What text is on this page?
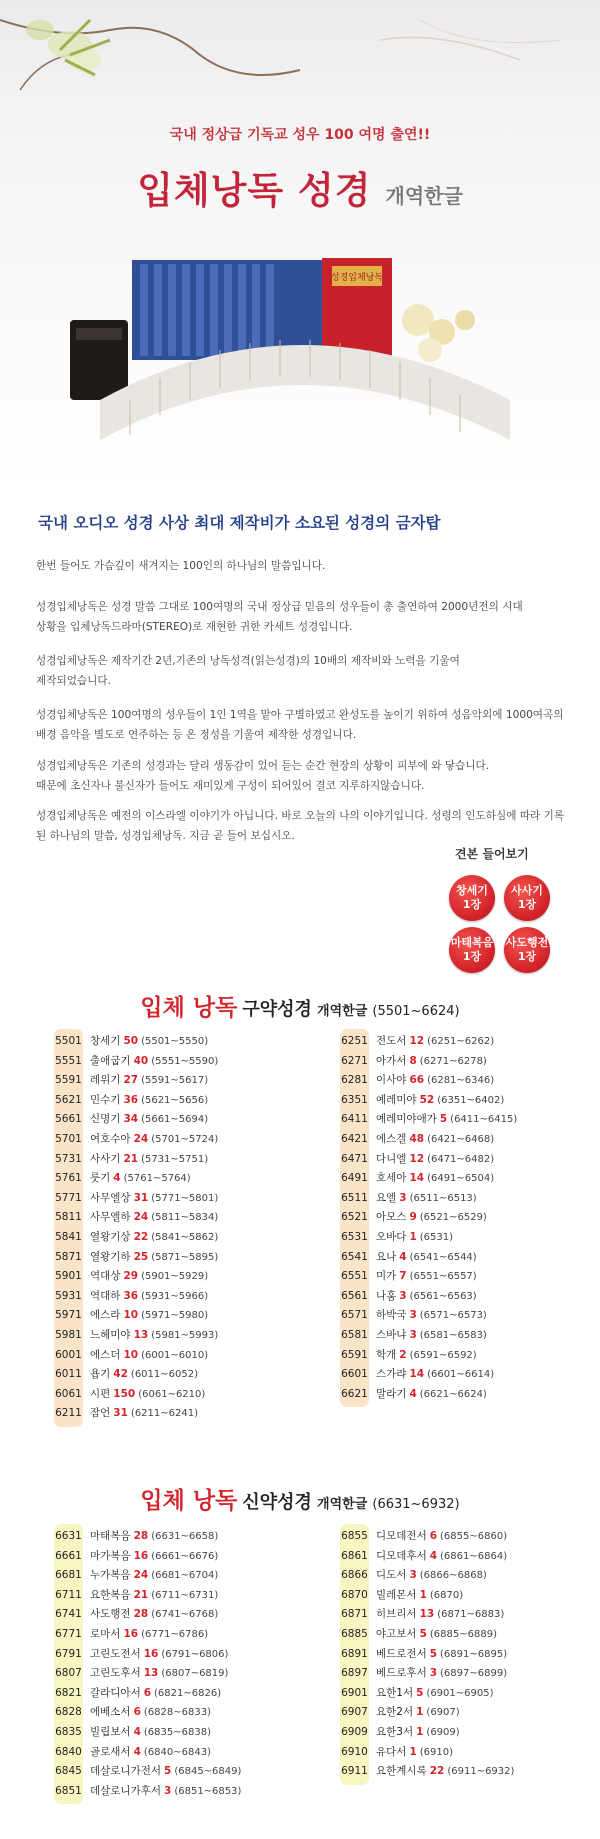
국내 정상급 기독교 성우 100 여명 출연!!
입체낭독 성경 개역한글
성경입체낭독
국내 오디오 성경 사상 최대 제작비가 소요된 성경의 금자탑
한번 들어도 가슴깊이 새겨지는 100인의 하나님의 말씀입니다.
성경입체낭독은 성경 말씀 그대로 100여명의 국내 정상급 믿음의 성우들이 총 출연하여 2000년전의 시대
상황을 입체낭독드라마(STEREO)로 재현한 귀한 카세트 성경입니다.
성경입체낭독은 제작기간 2년,기존의 낭독성격(읽는성경)의 10배의 제작비와 노력을 기울여
제작되었습니다.
성경입체낭독은 100여명의 성우들이 1인 1역을 맡아 구별하였고 완성도를 높이기 위하여 성음악외에 1000여곡의
배경 음악을 별도로 연주하는 등 온 정성을 기울여 제작한 성경입니다.
성경입체낭독은 기존의 성경과는 달리 생동감이 있어 듣는 순간 현장의 상황이 피부에 와 닿습니다.
때문에 초신자나 불신자가 들어도 재미있게 구성이 되어있어 결코 지루하지않습니다.
성경입체낭독은 예전의 이스라엘 이야기가 아닙니다. 바로 오늘의 나의 이야기입니다. 성령의 인도하심에 따라 기록
된 하나님의 말씀, 성경입체낭독. 지금 곧 들어 보십시오.
견본 들어보기
창세기
1장
사사기
1장
마태복음
1장
사도행전
1장
입체 낭독 구약성경 개역한글 (5501~6624)
5501 창세기 50 (5501~5550)
5551 출애굽기 40 (5551~5590)
5591 레위기 27 (5591~5617)
5621 민수기 36 (5621~5656)
5661 신명기 34 (5661~5694)
5701 여호수아 24 (5701~5724)
5731 사사기 21 (5731~5751)
5761 룻기 4 (5761~5764)
5771 사무엘상 31 (5771~5801)
5811 사무엘하 24 (5811~5834)
5841 열왕기상 22 (5841~5862)
5871 열왕기하 25 (5871~5895)
5901 역대상 29 (5901~5929)
5931 역대하 36 (5931~5966)
5971 에스라 10 (5971~5980)
5981 느헤미야 13 (5981~5993)
6001 에스더 10 (6001~6010)
6011 욥기 42 (6011~6052)
6061 시편 150 (6061~6210)
6211 잠언 31 (6211~6241)
6251 전도서 12 (6251~6262)
6271 아가서 8 (6271~6278)
6281 이사야 66 (6281~6346)
6351 예레미야 52 (6351~6402)
6411 예레미야애가 5 (6411~6415)
6421 에스겔 48 (6421~6468)
6471 다니엘 12 (6471~6482)
6491 호세아 14 (6491~6504)
6511 요엘 3 (6511~6513)
6521 아모스 9 (6521~6529)
6531 오바다 1 (6531)
6541 요나 4 (6541~6544)
6551 미가 7 (6551~6557)
6561 나훔 3 (6561~6563)
6571 하박국 3 (6571~6573)
6581 스바냐 3 (6581~6583)
6591 학개 2 (6591~6592)
6601 스가랴 14 (6601~6614)
6621 말라기 4 (6621~6624)
입체 낭독 신약성경 개역한글 (6631~6932)
6631 마태복음 28 (6631~6658)
6661 마가복음 16 (6661~6676)
6681 누가복음 24 (6681~6704)
6711 요한복음 21 (6711~6731)
6741 사도행전 28 (6741~6768)
6771 로마서 16 (6771~6786)
6791 고린도전서 16 (6791~6806)
6807 고린도후서 13 (6807~6819)
6821 갈라디아서 6 (6821~6826)
6828 에베소서 6 (6828~6833)
6835 빌립보서 4 (6835~6838)
6840 골로새서 4 (6840~6843)
6845 데살로니가전서 5 (6845~6849)
6851 데살로니가후서 3 (6851~6853)
6855 디모데전서 6 (6855~6860)
6861 디모데후서 4 (6861~6864)
6866 디도서 3 (6866~6868)
6870 빌레몬서 1 (6870)
6871 히브리서 13 (6871~6883)
6885 야고보서 5 (6885~6889)
6891 베드로전서 5 (6891~6895)
6897 베드로후서 3 (6897~6899)
6901 요한1서 5 (6901~6905)
6907 요한2서 1 (6907)
6909 요한3서 1 (6909)
6910 유다서 1 (6910)
6911 요한계시록 22 (6911~6932)
